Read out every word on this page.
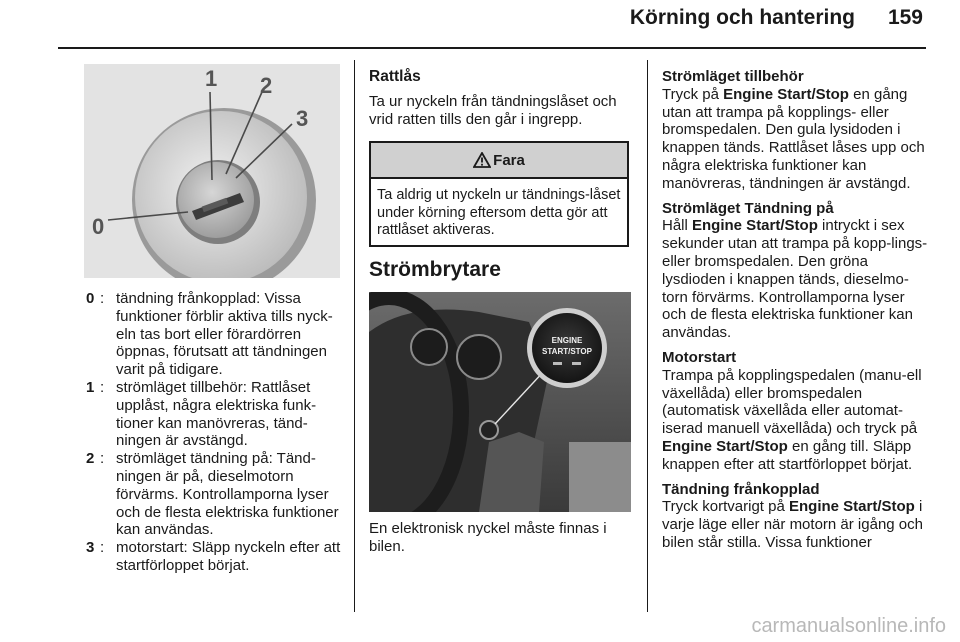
Körning och hantering 159
1 2
3
0
0 : tändning frånkopplad: Vissa funktioner förblir aktiva tills nyck-eln tas bort eller förardörren öppnas, förutsatt att tändningen varit på tidigare.
1 : strömläget tillbehör: Rattlåset upplåst, några elektriska funk-tioner kan manövreras, tänd-ningen är avstängd.
2 : strömläget tändning på: Tänd-ningen är på, dieselmotorn förvärms. Kontrollamporna lyser och de flesta elektriska funktioner kan användas.
3 : motorstart: Släpp nyckeln efter att startförloppet börjat.

Rattlås

Ta ur nyckeln från tändningslåset och vrid ratten tills den går i ingrepp.

Fara
Ta aldrig ut nyckeln ur tändnings-låset under körning eftersom detta gör att rattlåset aktiveras.
Strömbrytare
ENGINE
START/STOP
En elektronisk nyckel måste finnas i bilen.

Strömläget tillbehör

Tryck på Engine Start/Stop en gång utan att trampa på kopplings- eller bromspedalen. Den gula lysidoden i knappen tänds. Rattlåset låses upp och några elektriska funktioner kan manövreras, tändningen är avstängd.

Strömläget Tändning på

Håll Engine Start/Stop intryckt i sex sekunder utan att trampa på kopp-lings- eller bromspedalen. Den gröna lysdioden i knappen tänds, dieselmo-torn förvärms. Kontrollamporna lyser och de flesta elektriska funktioner kan användas.

Motorstart

Trampa på kopplingspedalen (manu-ell växellåda) eller bromspedalen (automatisk växellåda eller automat-iserad manuell växellåda) och tryck på Engine Start/Stop en gång till. Släpp knappen efter att startförloppet börjat.

Tändning frånkopplad

Tryck kortvarigt på Engine Start/Stop i varje läge eller när motorn är igång och bilen står stilla. Vissa funktioner

carmanualsonline.info
